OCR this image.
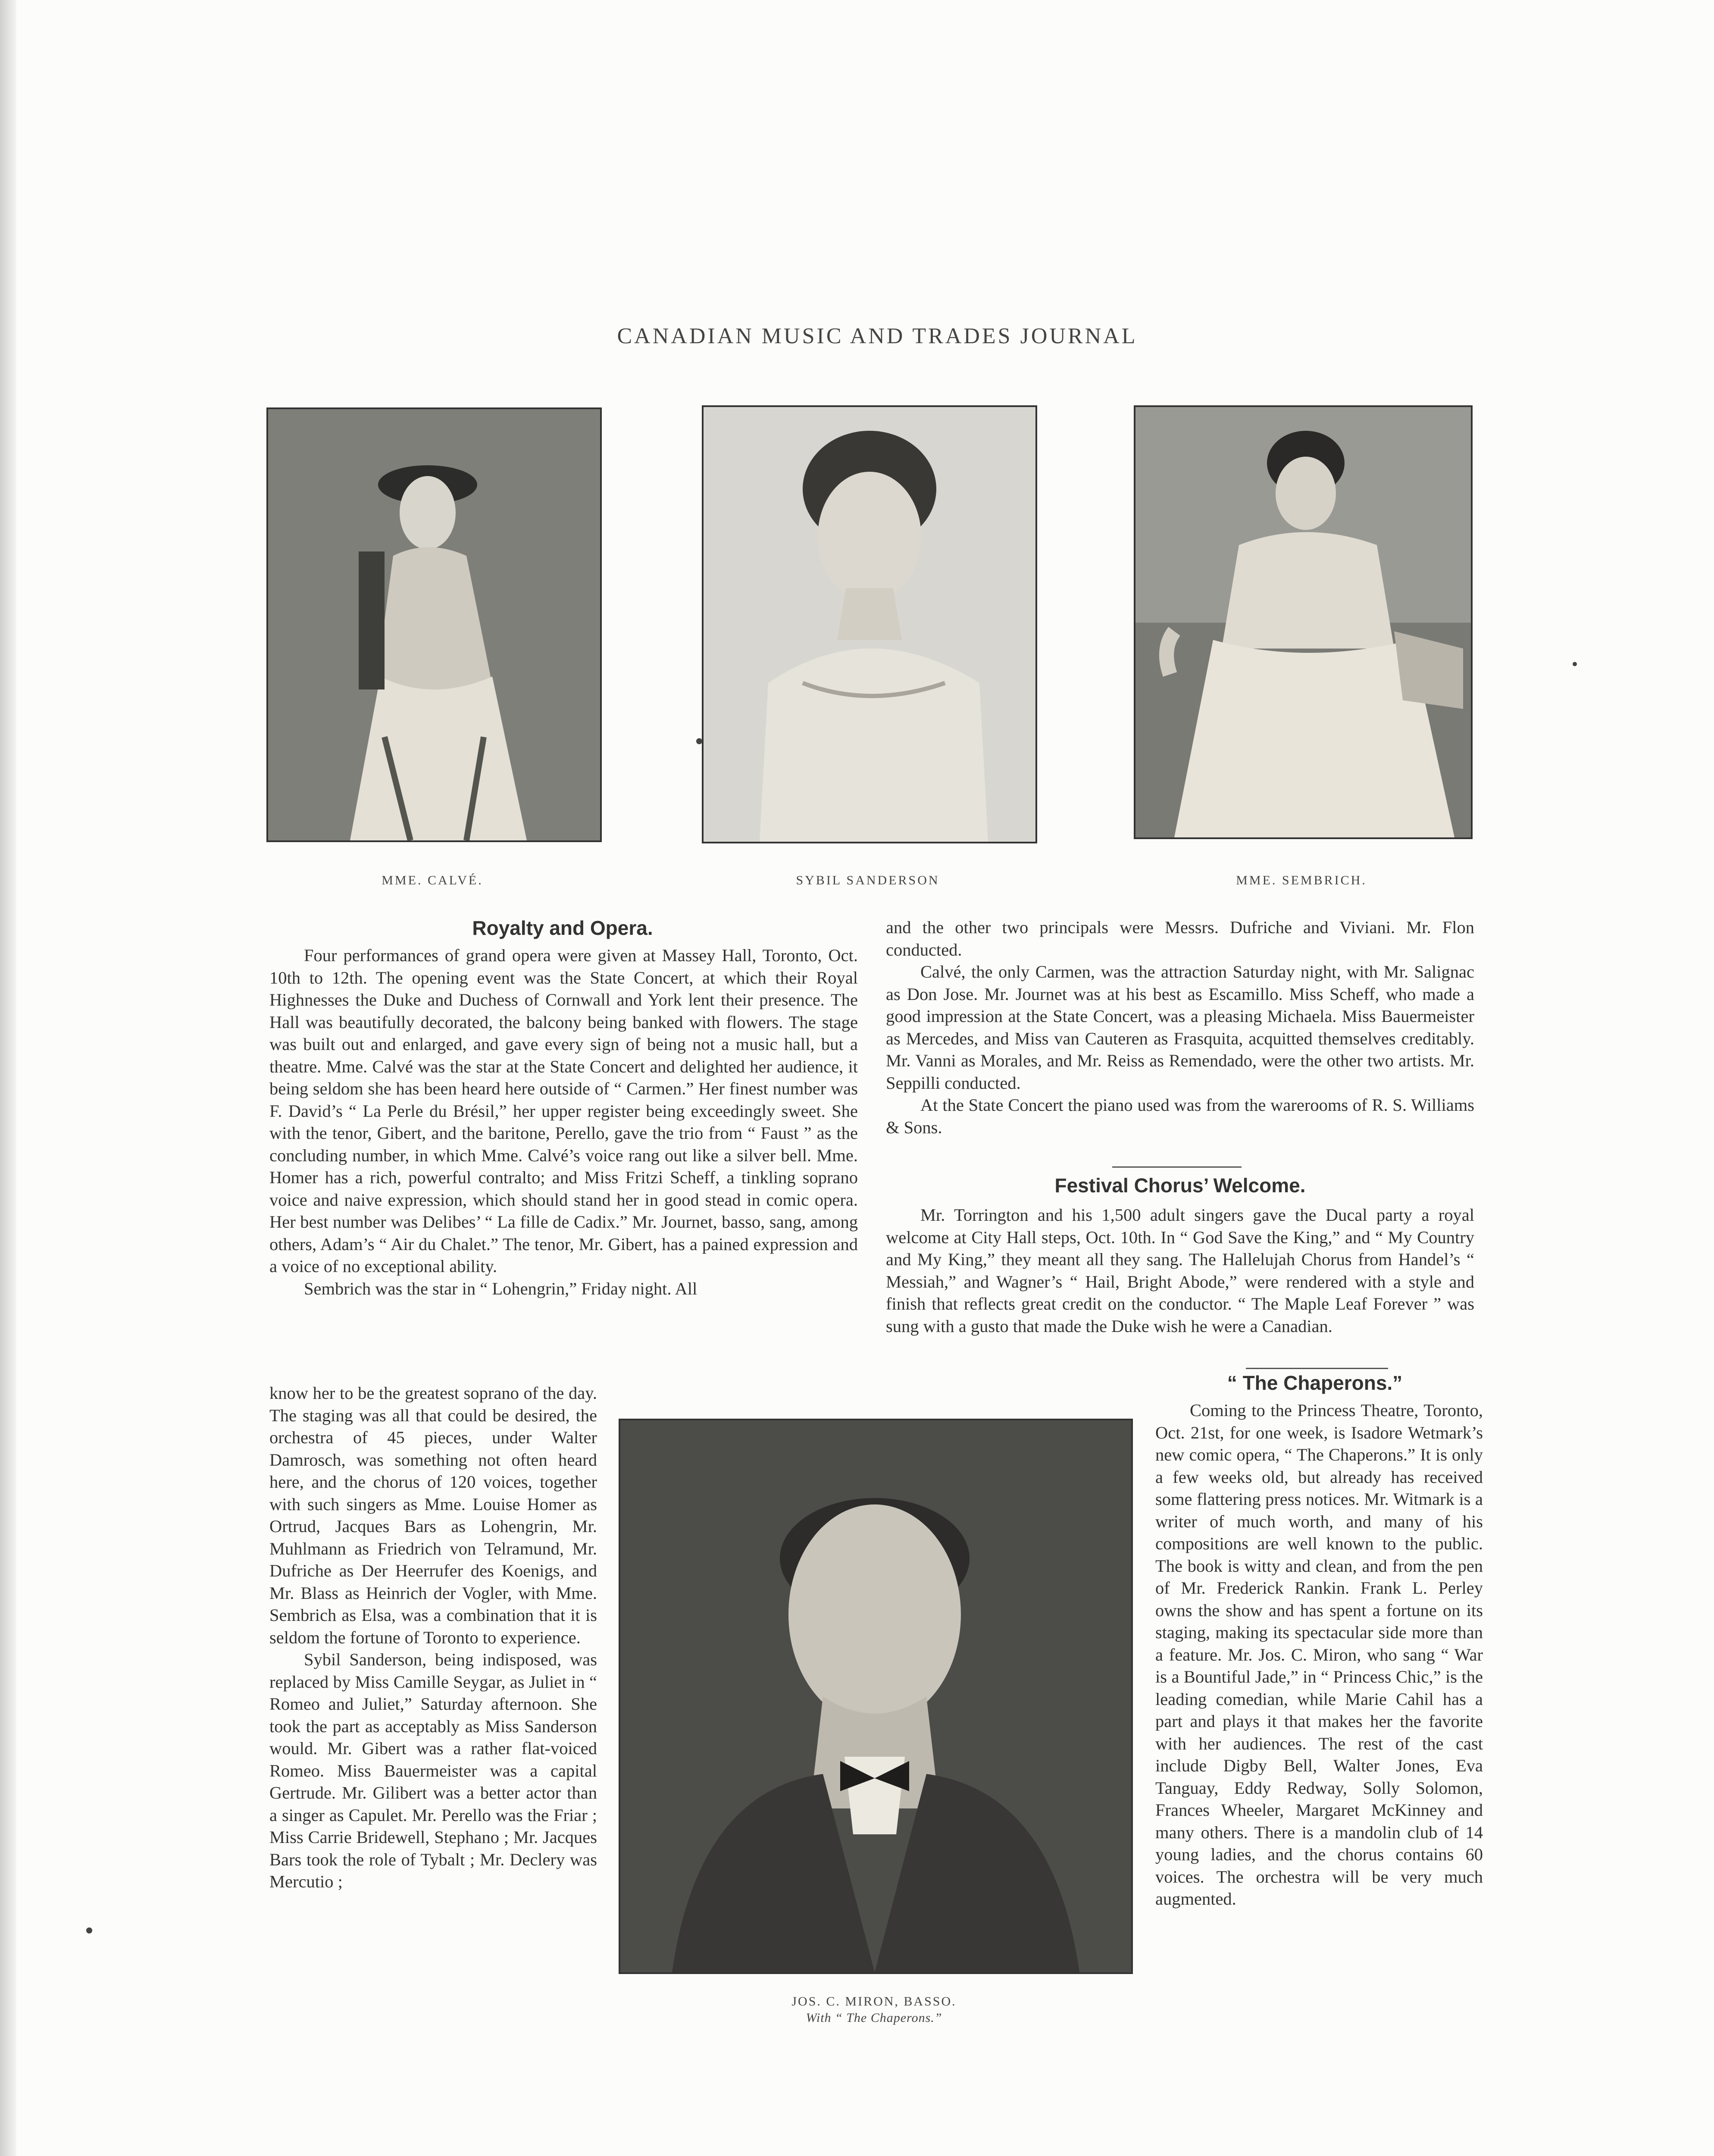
CANADIAN MUSIC AND TRADES JOURNAL
MME. CALVÉ.	SYBIL SANDERSON	MME. SEMBRICH.
Royalty and Opera.

Four performances of grand opera were given at Massey Hall, Toronto, Oct. 10th to 12th. The opening event was the State Concert, at which their Royal Highnesses the Duke and Duchess of Cornwall and York lent their presence. The Hall was beautifully decorated, the balcony being banked with flowers. The stage was built out and enlarged, and gave every sign of being not a music hall, but a theatre. Mme. Calvé was the star at the State Concert and delighted her audience, it being seldom she has been heard here outside of “ Carmen.” Her finest number was F. David’s “ La Perle du Brésil,” her upper register being exceedingly sweet. She with the tenor, Gibert, and the baritone, Perello, gave the trio from “ Faust ” as the concluding number, in which Mme. Calvé’s voice rang out like a silver bell. Mme. Homer has a rich, powerful contralto; and Miss Fritzi Scheff, a tinkling soprano voice and naive expression, which should stand her in good stead in comic opera. Her best number was Delibes’ “ La fille de Cadix.” Mr. Journet, basso, sang, among others, Adam’s “ Air du Chalet.” The tenor, Mr. Gibert, has a pained expression and a voice of no exceptional ability.

Sembrich was the star in “ Lohengrin,” Friday night. All

know her to be the greatest soprano of the day. The staging was all that could be desired, the orchestra of 45 pieces, under Walter Damrosch, was something not often heard here, and the chorus of 120 voices, together with such singers as Mme. Louise Homer as Ortrud, Jacques Bars as Lohengrin, Mr. Muhlmann as Friedrich von Telramund, Mr. Dufriche as Der Heerrufer des Koenigs, and Mr. Blass as Heinrich der Vogler, with Mme. Sembrich as Elsa, was a combination that it is seldom the fortune of Toronto to experience.

Sybil Sanderson, being indisposed, was replaced by Miss Camille Seygar, as Juliet in “ Romeo and Juliet,” Saturday afternoon. She took the part as acceptably as Miss Sanderson would. Mr. Gibert was a rather flat-voiced Romeo. Miss Bauermeister was a capital Gertrude. Mr. Gilibert was a better actor than a singer as Capulet. Mr. Perello was the Friar ; Miss Carrie Bridewell, Stephano ; Mr. Jacques Bars took the role of Tybalt ; Mr. Declery was Mercutio ;

and the other two principals were Messrs. Dufriche and Viviani. Mr. Flon conducted.

Calvé, the only Carmen, was the attraction Saturday night, with Mr. Salignac as Don Jose. Mr. Journet was at his best as Escamillo. Miss Scheff, who made a good impression at the State Concert, was a pleasing Michaela. Miss Bauermeister as Mercedes, and Miss van Cauteren as Frasquita, acquitted themselves creditably. Mr. Vanni as Morales, and Mr. Reiss as Remendado, were the other two artists. Mr. Seppilli conducted.

At the State Concert the piano used was from the warerooms of R. S. Williams & Sons.

Festival Chorus’ Welcome.

Mr. Torrington and his 1,500 adult singers gave the Ducal party a royal welcome at City Hall steps, Oct. 10th. In “ God Save the King,” and “ My Country and My King,” they meant all they sang. The Hallelujah Chorus from Handel’s “ Messiah,” and Wagner’s “ Hail, Bright Abode,” were rendered with a style and finish that reflects great credit on the conductor. “ The Maple Leaf Forever ” was sung with a gusto that made the Duke wish he were a Canadian.

“ The Chaperons.”

Coming to the Princess Theatre, Toronto, Oct. 21st, for one week, is Isadore Wetmark’s new comic opera, “ The Chaperons.” It is only a few weeks old, but already has received some flattering press notices. Mr. Witmark is a writer of much worth, and many of his compositions are well known to the public. The book is witty and clean, and from the pen of Mr. Frederick Rankin. Frank L. Perley owns the show and has spent a fortune on its staging, making its spectacular side more than a feature. Mr. Jos. C. Miron, who sang “ War is a Bountiful Jade,” in “ Princess Chic,” is the leading comedian, while Marie Cahil has a part and plays it that makes her the favorite with her audiences. The rest of the cast include Digby Bell, Walter Jones, Eva Tanguay, Eddy Redway, Solly Solomon, Frances Wheeler, Margaret McKinney and many others. There is a mandolin club of 14 young ladies, and the chorus contains 60 voices. The orchestra will be very much augmented.

JOS. C. MIRON, BASSO.
With “ The Chaperons.”
